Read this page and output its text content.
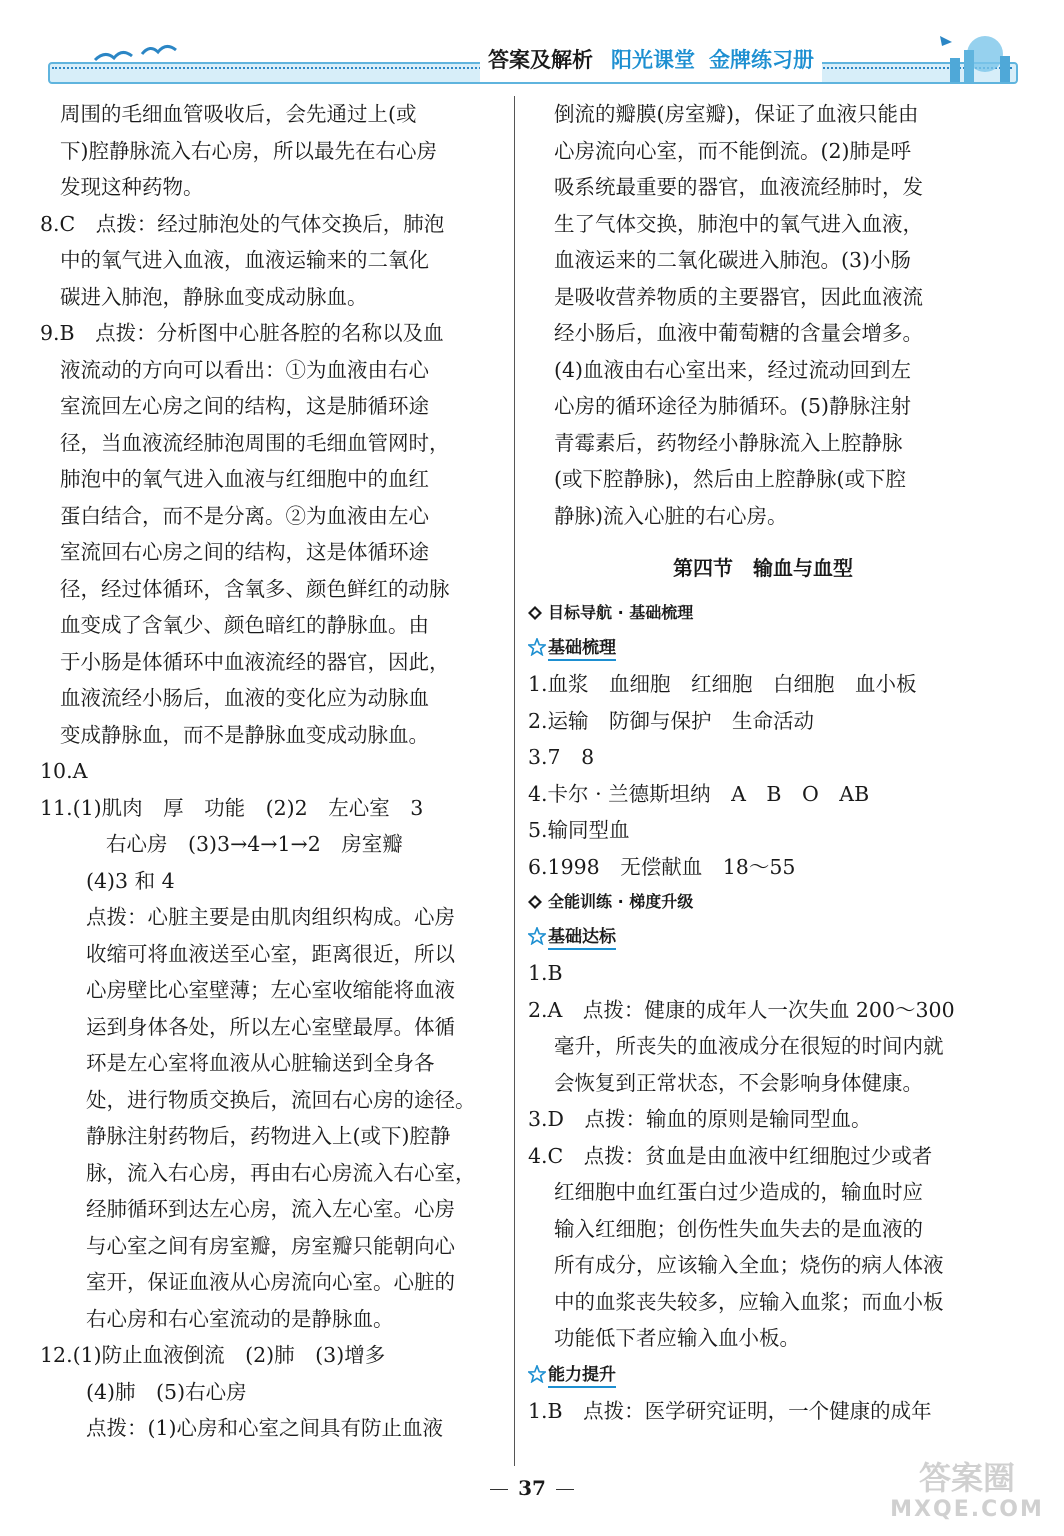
答案及解析 阳光课堂 金牌练习册
周围的毛细血管吸收后，会先通过上(或
下)腔静脉流入右心房，所以最先在右心房
发现这种药物。
8.C　点拨：经过肺泡处的气体交换后，肺泡
中的氧气进入血液，血液运输来的二氧化
碳进入肺泡，静脉血变成动脉血。
9.B　点拨：分析图中心脏各腔的名称以及血
液流动的方向可以看出：①为血液由右心
室流回左心房之间的结构，这是肺循环途
径，当血液流经肺泡周围的毛细血管网时，
肺泡中的氧气进入血液与红细胞中的血红
蛋白结合，而不是分离。②为血液由左心
室流回右心房之间的结构，这是体循环途
径，经过体循环，含氧多、颜色鲜红的动脉
血变成了含氧少、颜色暗红的静脉血。由
于小肠是体循环中血液流经的器官，因此，
血液流经小肠后，血液的变化应为动脉血
变成静脉血，而不是静脉血变成动脉血。
10.A
11.(1)肌肉　厚　功能　(2)2　左心室　3
右心房　(3)3→4→1→2　房室瓣
(4)3 和 4
点拨：心脏主要是由肌肉组织构成。心房
收缩可将血液送至心室，距离很近，所以
心房壁比心室壁薄；左心室收缩能将血液
运到身体各处，所以左心室壁最厚。体循
环是左心室将血液从心脏输送到全身各
处，进行物质交换后，流回右心房的途径。
静脉注射药物后，药物进入上(或下)腔静
脉，流入右心房，再由右心房流入右心室，
经肺循环到达左心房，流入左心室。心房
与心室之间有房室瓣，房室瓣只能朝向心
室开，保证血液从心房流向心室。心脏的
右心房和右心室流动的是静脉血。
12.(1)防止血液倒流　(2)肺　(3)增多
(4)肺　(5)右心房
点拨：(1)心房和心室之间具有防止血液
倒流的瓣膜(房室瓣)，保证了血液只能由
心房流向心室，而不能倒流。(2)肺是呼
吸系统最重要的器官，血液流经肺时，发
生了气体交换，肺泡中的氧气进入血液，
血液运来的二氧化碳进入肺泡。(3)小肠
是吸收营养物质的主要器官，因此血液流
经小肠后，血液中葡萄糖的含量会增多。
(4)血液由右心室出来，经过流动回到左
心房的循环途径为肺循环。(5)静脉注射
青霉素后，药物经小静脉流入上腔静脉
(或下腔静脉)，然后由上腔静脉(或下腔
静脉)流入心脏的右心房。
第四节　输血与血型
目标导航 · 基础梳理
基础梳理
1.血浆　血细胞　红细胞　白细胞　血小板
2.运输　防御与保护　生命活动
3.7　8
4.卡尔 · 兰德斯坦纳　A　B　O　AB
5.输同型血
6.1998　无偿献血　18～55
全能训练 · 梯度升级
基础达标
1.B
2.A　点拨：健康的成年人一次失血 200～300
毫升，所丧失的血液成分在很短的时间内就
会恢复到正常状态，不会影响身体健康。
3.D　点拨：输血的原则是输同型血。
4.C　点拨：贫血是由血液中红细胞过少或者
红细胞中血红蛋白过少造成的，输血时应
输入红细胞；创伤性失血失去的是血液的
所有成分，应该输入全血；烧伤的病人体液
中的血浆丧失较多，应输入血浆；而血小板
功能低下者应输入血小板。
能力提升
1.B　点拨：医学研究证明，一个健康的成年
37	答案圈
MXQE.COM
